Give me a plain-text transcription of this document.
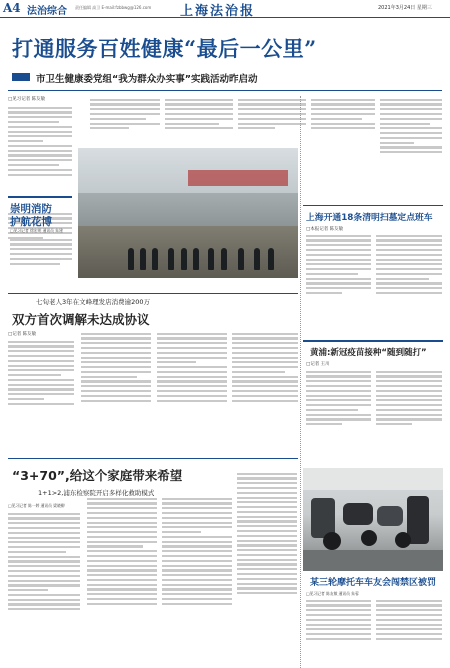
A4 法治综合 责任编辑 高卫 E-mail:fzbbwg@126.com 上海法治报	2021年3月24日 星期三
打通服务百姓健康“最后一公里”
市卫生健康委党组“我为群众办实事”实践活动昨启动
□见习记者 陈友敏
崇明消防
护航花博
□见习记者 徐宏明 通讯员 朱建
上海开通18条清明扫墓定点班车
□本报记者 陈友敏
七旬老人3年在文峰理发店消费逾200万
双方首次调解未达成协议
□记者 陈友敏
黄浦:新冠疫苗接种“随到随打”
□记者 王川
“3+70”,给这个家庭带来希望
1+1>2,浦东检察院开启多样化救助模式
□见习记者 陈一婷 通讯员 梁晓柳
某三轮摩托车车友会闯禁区被罚
□见习记者 陈友敏 通讯员 朱蓉
